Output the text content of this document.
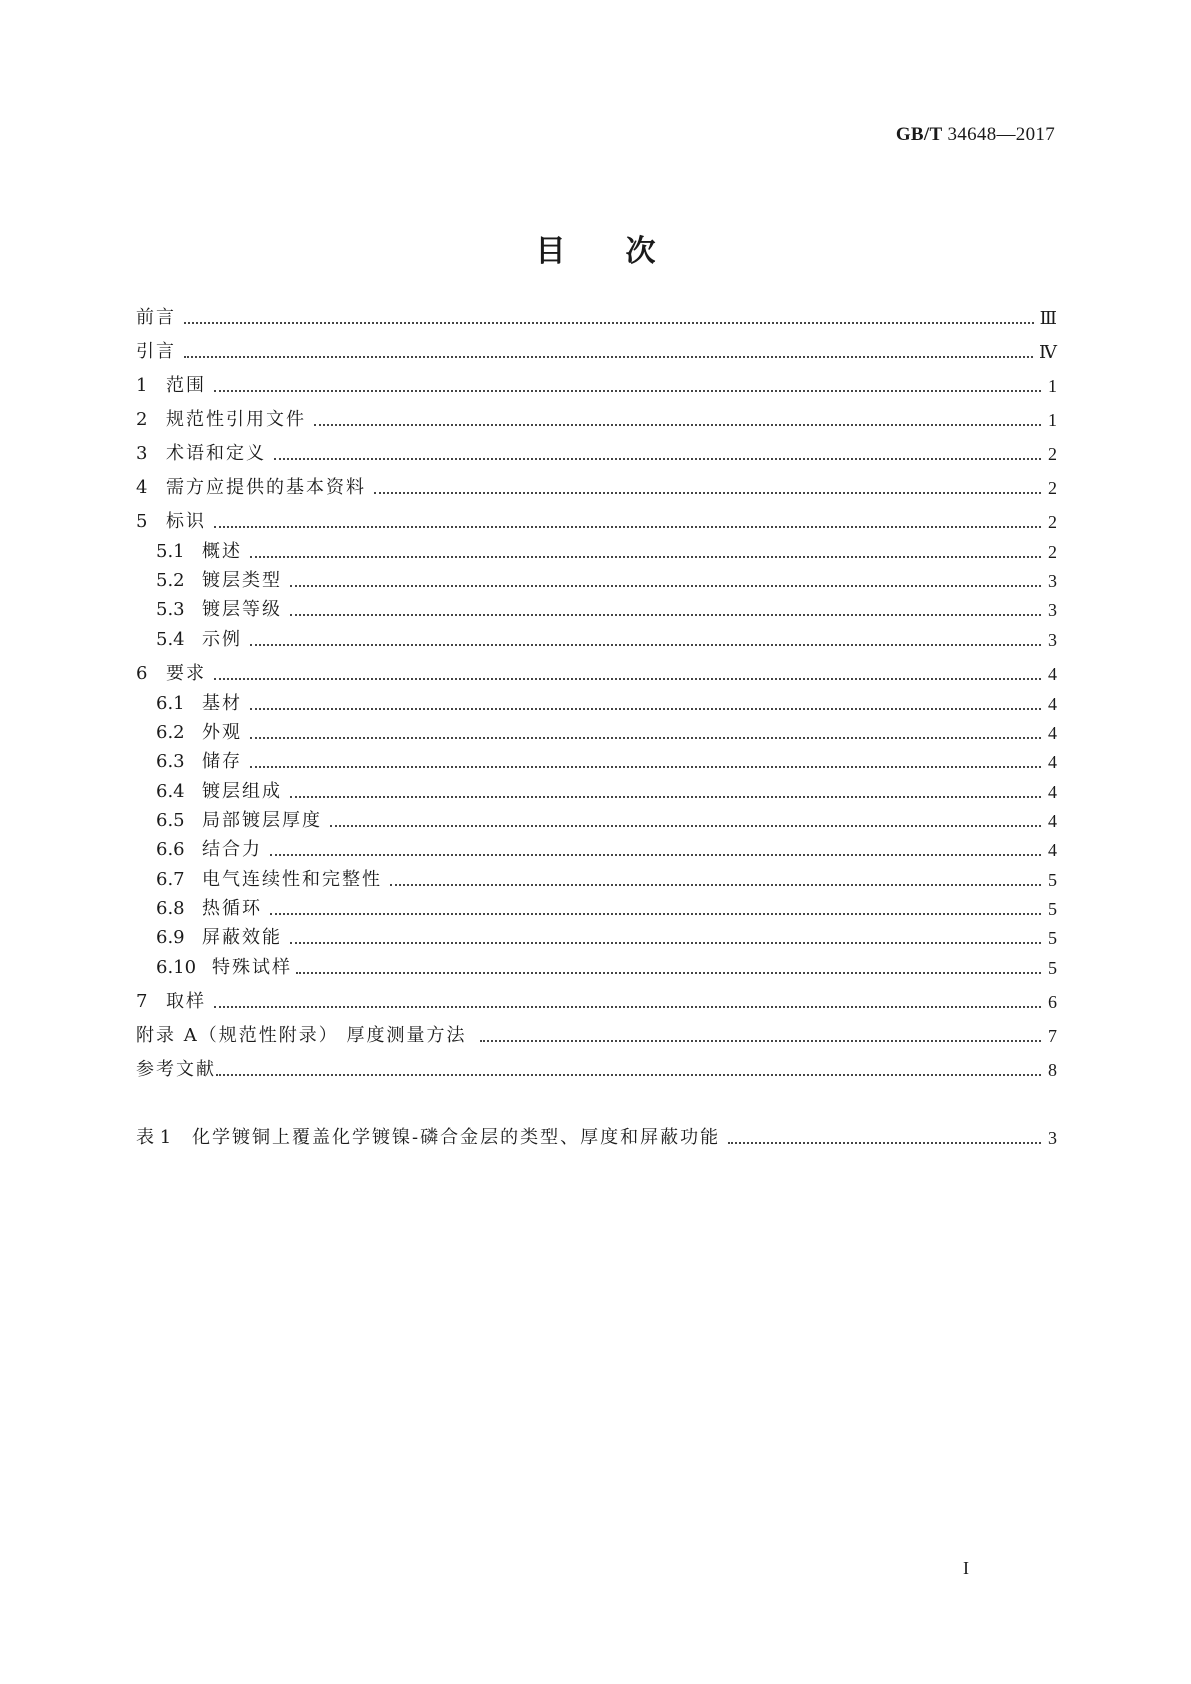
GB/T 34648—2017
目次
前言	Ⅲ
引言	Ⅳ
1	范围	1
2	规范性引用文件	1
3	术语和定义	2
4	需方应提供的基本资料	2
5	标识	2
5.1 概述	2
5.2 镀层类型	3
5.3 镀层等级	3
5.4 示例	3
6	要求	4
6.1 基材	4
6.2 外观	4
6.3 储存	4
6.4 镀层组成	4
6.5 局部镀层厚度	4
6.6 结合力	4
6.7 电气连续性和完整性	5
6.8 热循环	5
6.9 屏蔽效能	5
6.10 特殊试样	5
7	取样	6
附录 A（规范性附录） 厚度测量方法	7
参考文献	8
表 1	化学镀铜上覆盖化学镀镍-磷合金层的类型、厚度和屏蔽功能	3
I
